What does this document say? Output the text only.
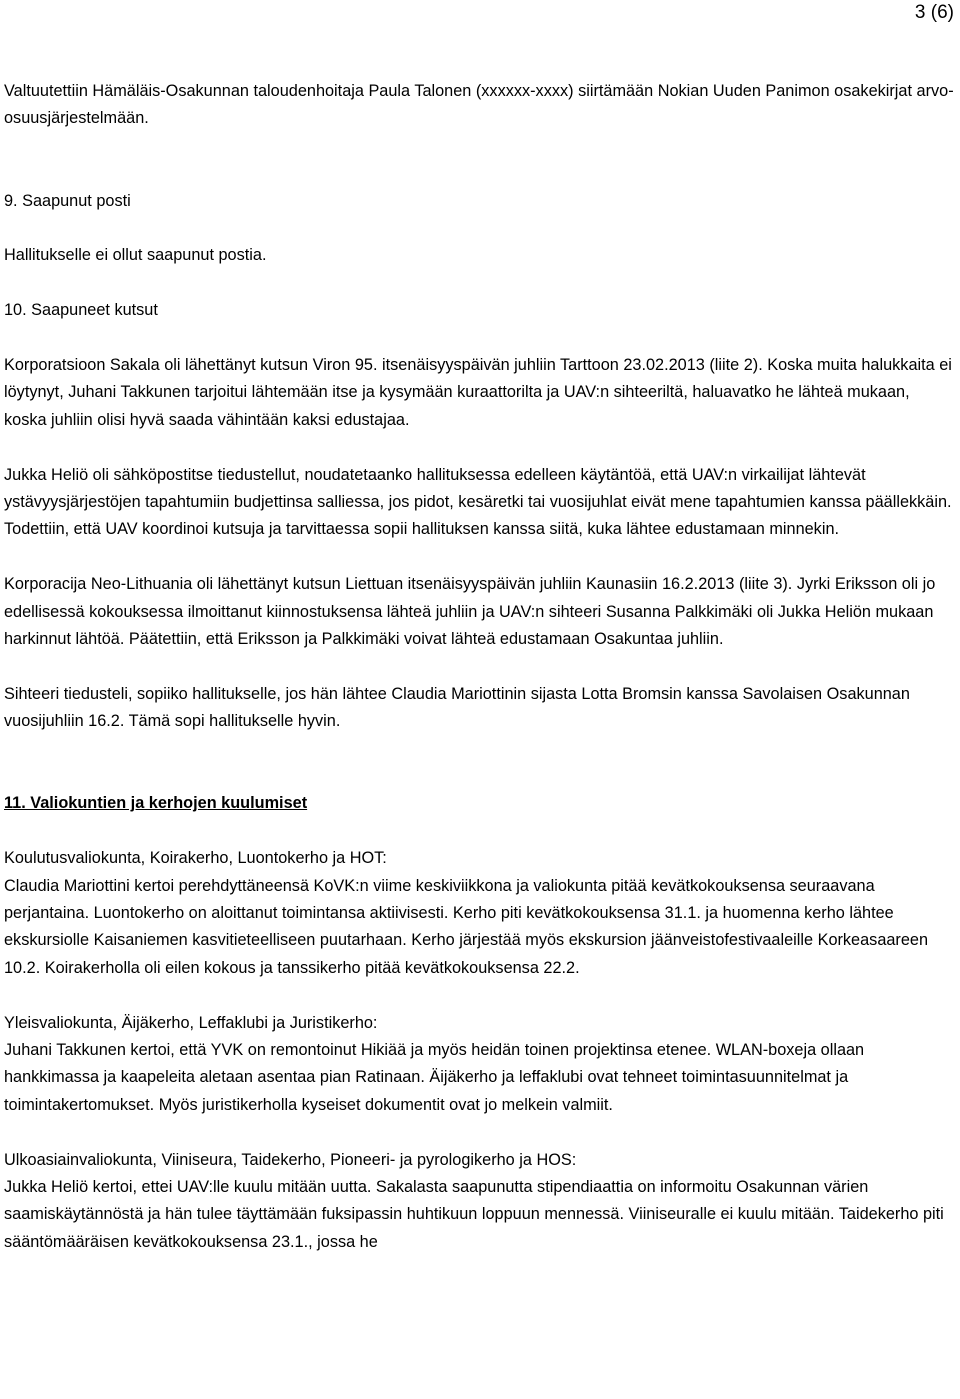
3 (6)

Valtuutettiin Hämäläis-Osakunnan taloudenhoitaja Paula Talonen (xxxxxx-xxxx) siirtämään Nokian Uuden Panimon osakekirjat arvo-osuusjärjestelmään.

9. Saapunut posti

Hallitukselle ei ollut saapunut postia.

10. Saapuneet kutsut

Korporatsioon Sakala oli lähettänyt kutsun Viron 95. itsenäisyyspäivän juhliin Tarttoon 23.02.2013 (liite 2). Koska muita halukkaita ei löytynyt, Juhani Takkunen tarjoitui lähtemään itse ja kysymään kuraattorilta ja UAV:n sihteeriltä, haluavatko he lähteä mukaan, koska juhliin olisi hyvä saada vähintään kaksi edustajaa.

Jukka Heliö oli sähköpostitse tiedustellut, noudatetaanko hallituksessa edelleen käytäntöä, että UAV:n virkailijat lähtevät ystävyysjärjestöjen tapahtumiin budjettinsa salliessa, jos pidot, kesäretki tai vuosijuhlat eivät mene tapahtumien kanssa päällekkäin. Todettiin, että UAV koordinoi kutsuja ja tarvittaessa sopii hallituksen kanssa siitä, kuka lähtee edustamaan minnekin.

Korporacija Neo-Lithuania oli lähettänyt kutsun Liettuan itsenäisyyspäivän juhliin Kaunasiin 16.2.2013 (liite 3). Jyrki Eriksson oli jo edellisessä kokouksessa ilmoittanut kiinnostuksensa lähteä juhliin ja UAV:n sihteeri Susanna Palkkimäki oli Jukka Heliön mukaan harkinnut lähtöä. Päätettiin, että Eriksson ja Palkkimäki voivat lähteä edustamaan Osakuntaa juhliin.

Sihteeri tiedusteli, sopiiko hallitukselle, jos hän lähtee Claudia Mariottinin sijasta Lotta Bromsin kanssa Savolaisen Osakunnan vuosijuhliin 16.2. Tämä sopi hallitukselle hyvin.

11. Valiokuntien ja kerhojen kuulumiset

Koulutusvaliokunta, Koirakerho, Luontokerho ja HOT:

Claudia Mariottini kertoi perehdyttäneensä KoVK:n viime keskiviikkona ja valiokunta pitää kevätkokouksensa seuraavana perjantaina. Luontokerho on aloittanut toimintansa aktiivisesti. Kerho piti kevätkokouksensa 31.1. ja huomenna kerho lähtee ekskursiolle Kaisaniemen kasvitieteelliseen puutarhaan. Kerho järjestää myös ekskursion jäänveistofestivaaleille Korkeasaareen 10.2. Koirakerholla oli eilen kokous ja tanssikerho pitää kevätkokouksensa 22.2.

Yleisvaliokunta, Äijäkerho, Leffaklubi ja Juristikerho:

Juhani Takkunen kertoi, että YVK on remontoinut Hikiää ja myös heidän toinen projektinsa etenee. WLAN-boxeja ollaan hankkimassa ja kaapeleita aletaan asentaa pian Ratinaan. Äijäkerho ja leffaklubi ovat tehneet toimintasuunnitelmat ja toimintakertomukset. Myös juristikerholla kyseiset dokumentit ovat jo melkein valmiit.

Ulkoasiainvaliokunta, Viiniseura, Taidekerho, Pioneeri- ja pyrologikerho ja HOS:

Jukka Heliö kertoi, ettei UAV:lle kuulu mitään uutta. Sakalasta saapunutta stipendiaattia on informoitu Osakunnan värien saamiskäytännöstä ja hän tulee täyttämään fuksipassin huhtikuun loppuun mennessä. Viiniseuralle ei kuulu mitään. Taidekerho piti sääntömääräisen kevätkokouksensa 23.1., jossa he
